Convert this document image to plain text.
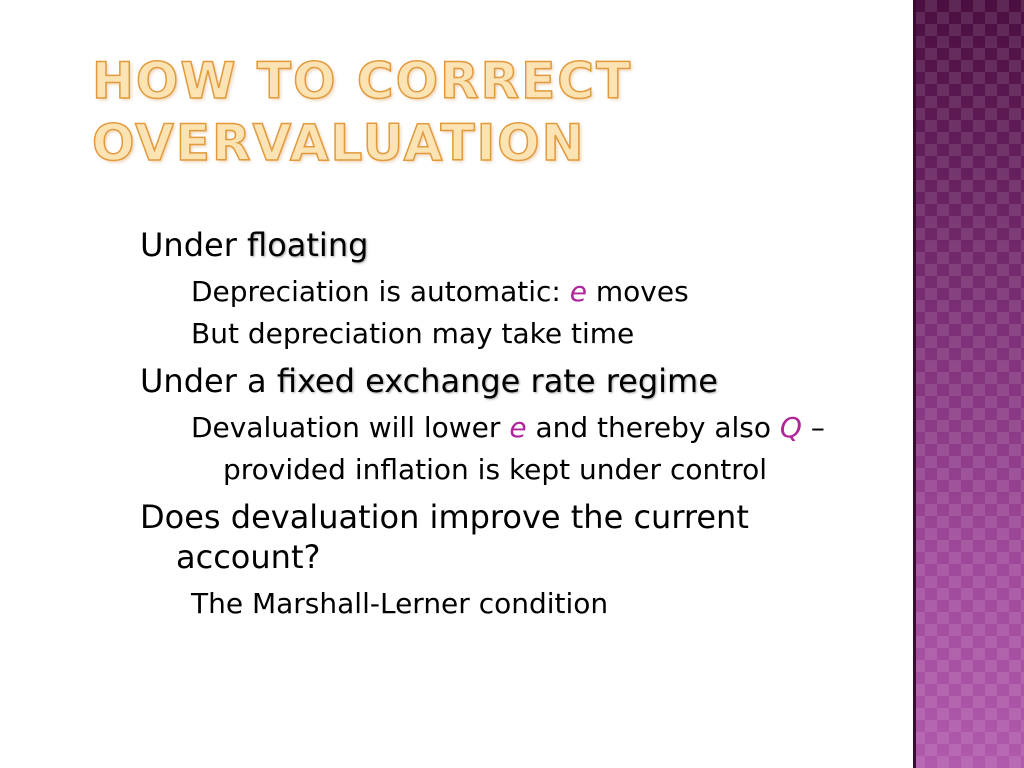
HOW TO CORRECT OVERVALUATION

Under floating

Depreciation is automatic: e moves

But depreciation may take time

Under a fixed exchange rate regime

Devaluation will lower e and thereby also Q – provided inflation is kept under control

Does devaluation improve the current account?

The Marshall-Lerner condition
